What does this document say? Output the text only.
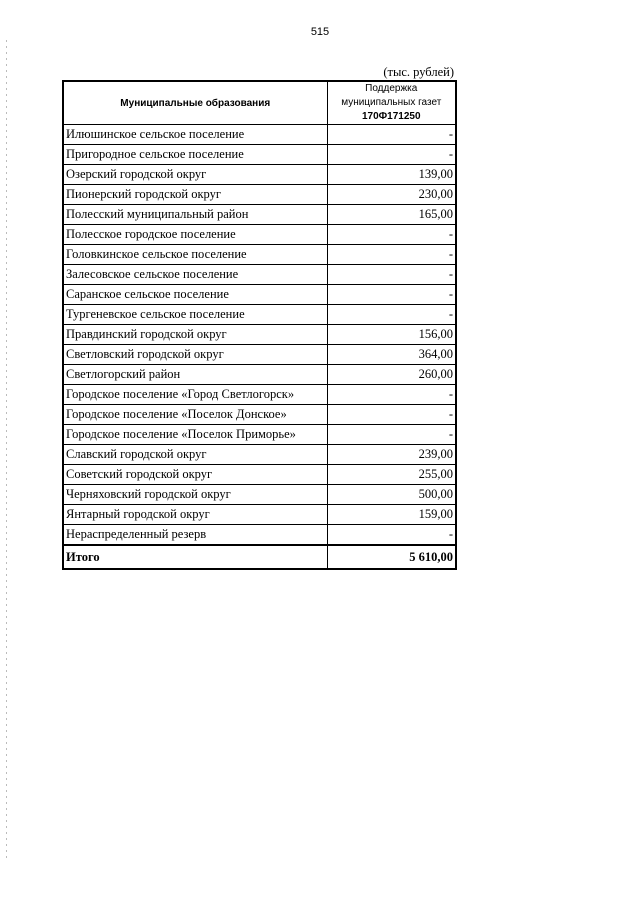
515
(тыс. рублей)
Муниципальные образования	Поддержка
муниципальных газет
170Ф171250

Илюшинское сельское поселение	-
Пригородное сельское поселение	-
Озерский городской округ	139,00
Пионерский городской округ	230,00
Полесский муниципальный район	165,00
Полесское городское поселение	-
Головкинское сельское поселение	-
Залесовское сельское поселение	-
Саранское сельское поселение	-
Тургеневское сельское поселение	-
Правдинский городской округ	156,00
Светловский городской округ	364,00
Светлогорский район	260,00
Городское поселение «Город Светлогорск»	-
Городское поселение «Поселок Донское»	-
Городское поселение «Поселок Приморье»	-
Славский городской округ	239,00
Советский городской округ	255,00
Черняховский городской округ	500,00
Янтарный городской округ	159,00
Нераспределенный резерв	-
Итого	5 610,00
